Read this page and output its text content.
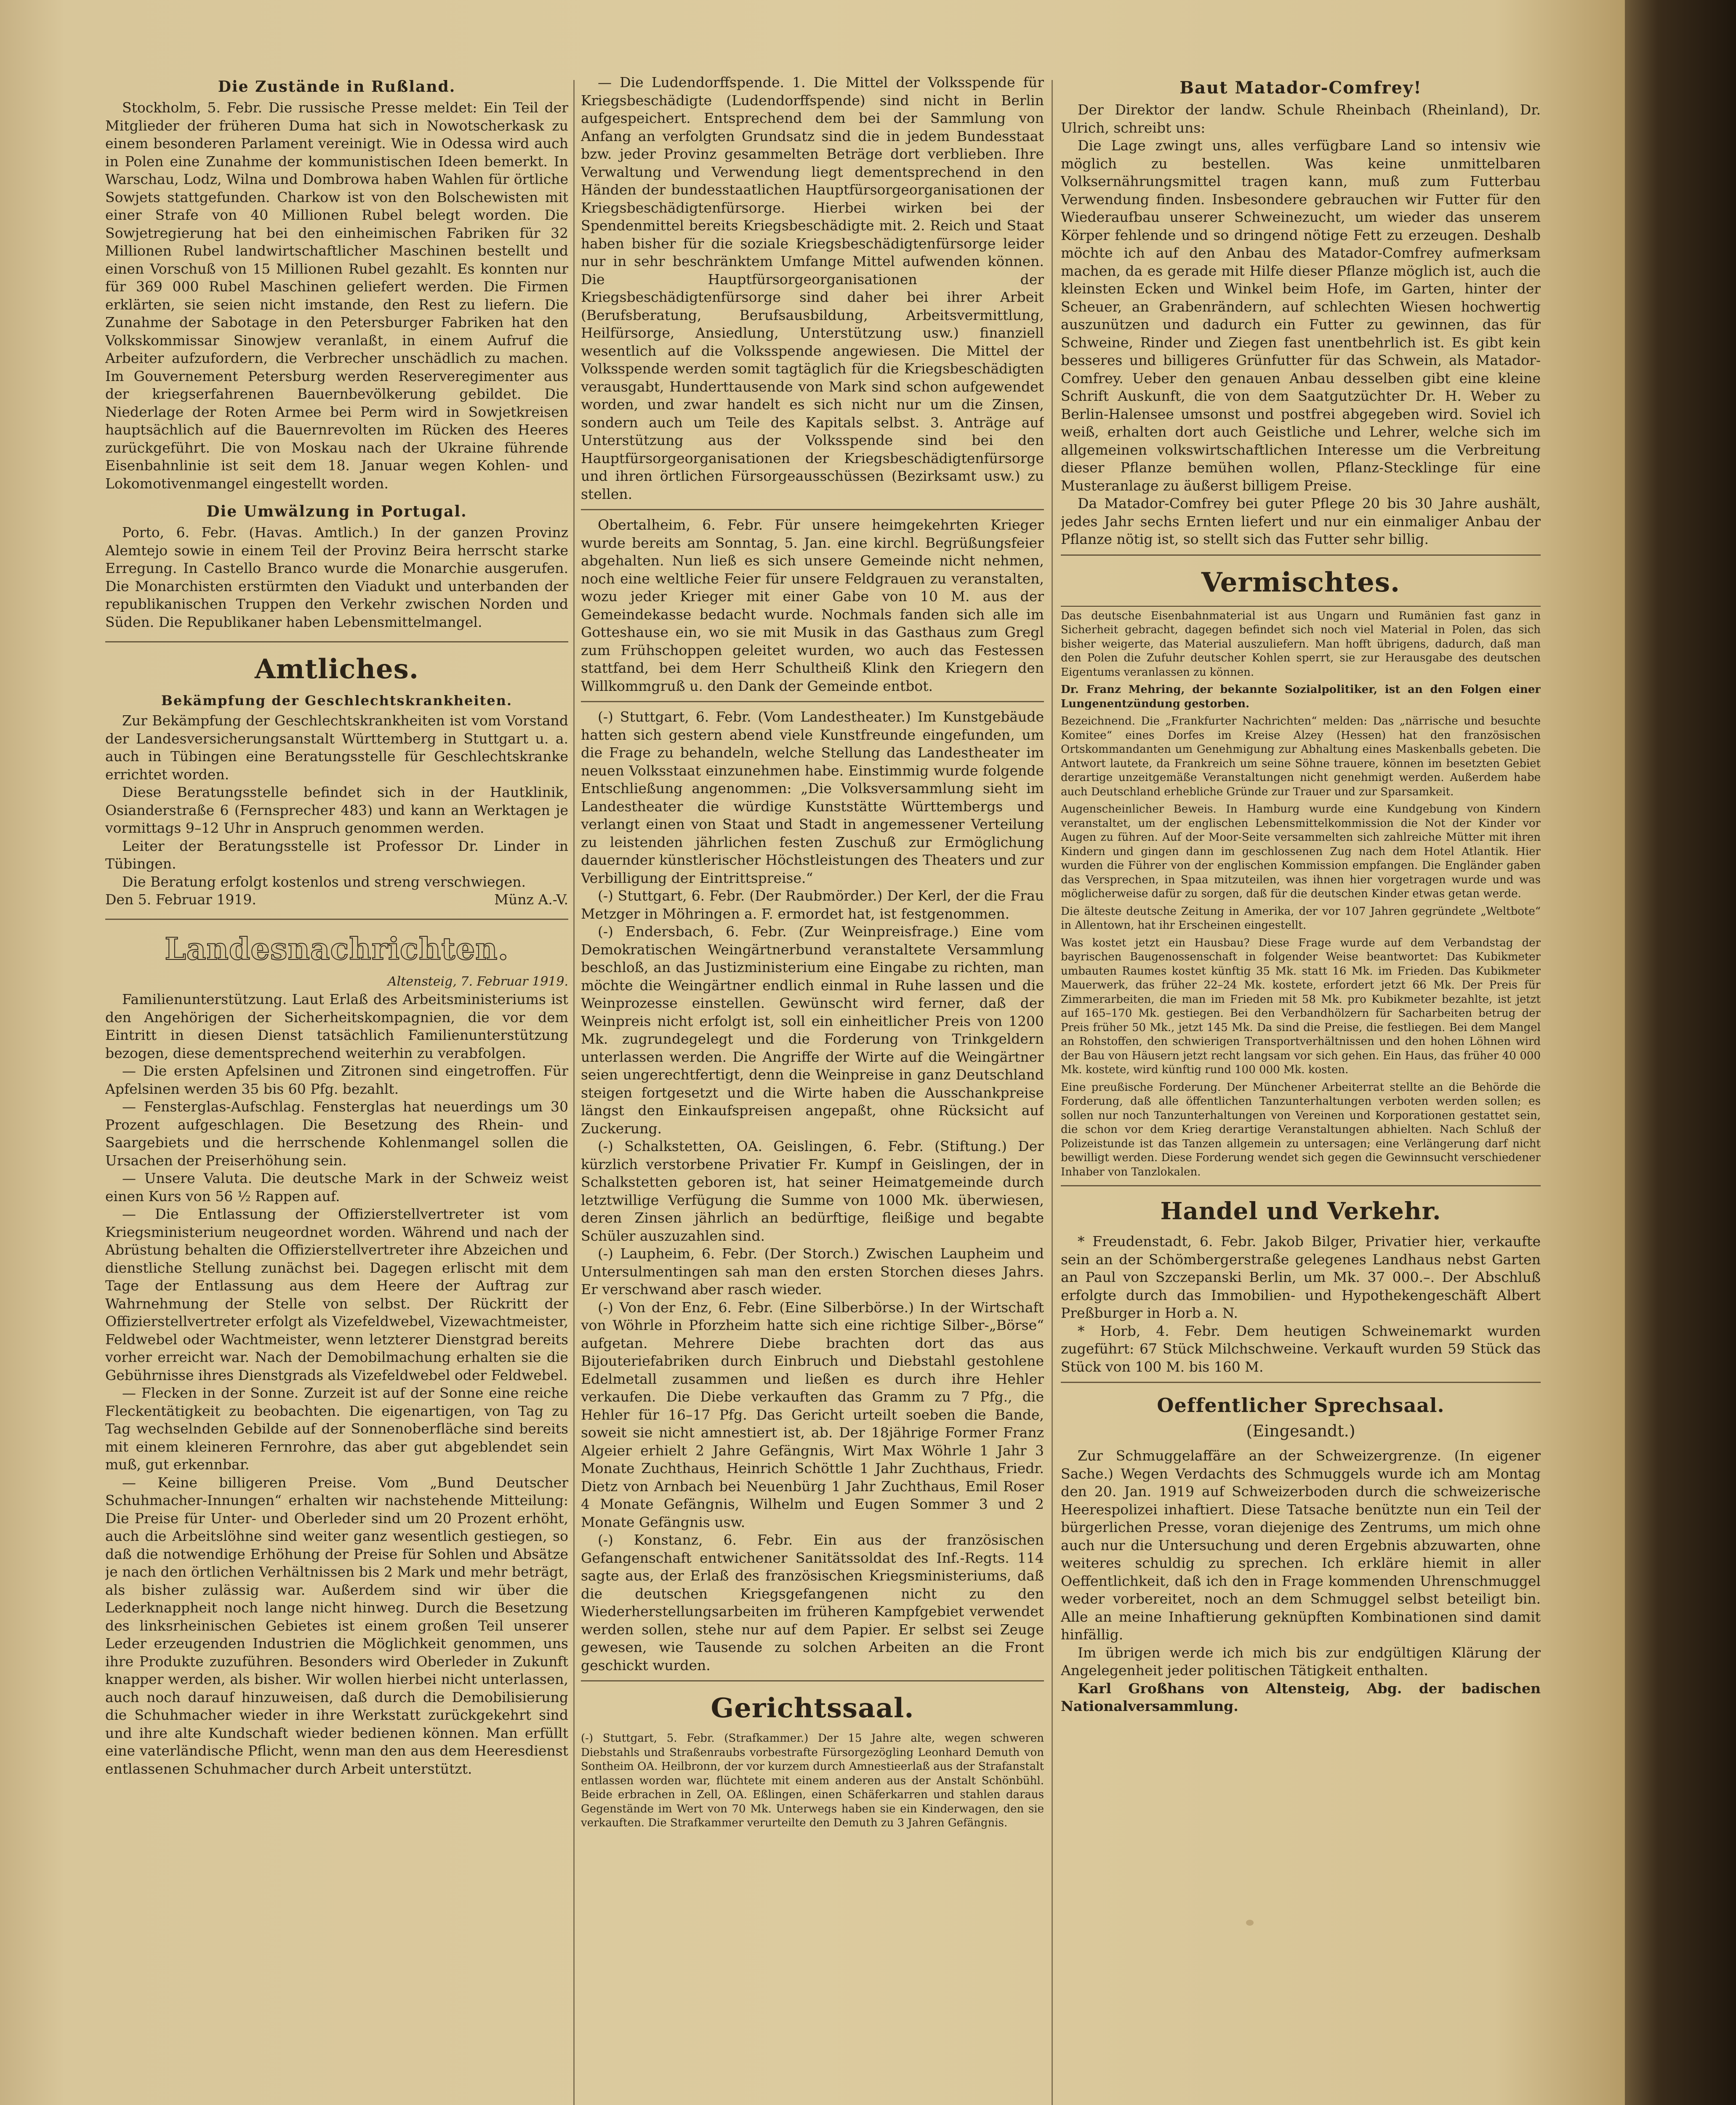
Die Zustände in Rußland.

Stockholm, 5. Febr. Die russische Presse meldet: Ein Teil der Mitglieder der früheren Duma hat sich in Nowotscherkask zu einem besonderen Parlament vereinigt. Wie in Odessa wird auch in Polen eine Zunahme der kommunistischen Ideen bemerkt. In Warschau, Lodz, Wilna und Dombrowa haben Wahlen für örtliche Sowjets stattgefunden. Charkow ist von den Bolschewisten mit einer Strafe von 40 Millionen Rubel belegt worden. Die Sowjetregierung hat bei den einheimischen Fabriken für 32 Millionen Rubel landwirtschaftlicher Maschinen bestellt und einen Vorschuß von 15 Millionen Rubel gezahlt. Es konnten nur für 369 000 Rubel Maschinen geliefert werden. Die Firmen erklärten, sie seien nicht imstande, den Rest zu liefern. Die Zunahme der Sabotage in den Petersburger Fabriken hat den Volkskommissar Sinowjew veranlaßt, in einem Aufruf die Arbeiter aufzufordern, die Verbrecher unschädlich zu machen. Im Gouvernement Petersburg werden Reserveregimenter aus der kriegserfahrenen Bauernbevölkerung gebildet. Die Niederlage der Roten Armee bei Perm wird in Sowjetkreisen hauptsächlich auf die Bauernrevolten im Rücken des Heeres zurückgeführt. Die von Moskau nach der Ukraine führende Eisenbahnlinie ist seit dem 18. Januar wegen Kohlen- und Lokomotivenmangel eingestellt worden.

Die Umwälzung in Portugal.

Porto, 6. Febr. (Havas. Amtlich.) In der ganzen Provinz Alemtejo sowie in einem Teil der Provinz Beira herrscht starke Erregung. In Castello Branco wurde die Monarchie ausgerufen. Die Monarchisten erstürmten den Viadukt und unterbanden der republikanischen Truppen den Verkehr zwischen Norden und Süden. Die Republikaner haben Lebensmittelmangel.

Amtliches.
Bekämpfung der Geschlechtskrankheiten.

Zur Bekämpfung der Geschlechtskrankheiten ist vom Vorstand der Landesversicherungsanstalt Württemberg in Stuttgart u. a. auch in Tübingen eine Beratungsstelle für Geschlechtskranke errichtet worden.

Diese Beratungsstelle befindet sich in der Hautklinik, Osianderstraße 6 (Fernsprecher 483) und kann an Werktagen je vormittags 9–12 Uhr in Anspruch genommen werden.

Leiter der Beratungsstelle ist Professor Dr. Linder in Tübingen.

Die Beratung erfolgt kostenlos und streng verschwiegen.

Den 5. Februar 1919.	Münz A.-V.
Landesnachrichten.
Altensteig, 7. Februar 1919.

Familienunterstützung. Laut Erlaß des Arbeitsministeriums ist den Angehörigen der Sicherheitskompagnien, die vor dem Eintritt in diesen Dienst tatsächlich Familienunterstützung bezogen, diese dementsprechend weiterhin zu verabfolgen.

— Die ersten Apfelsinen und Zitronen sind eingetroffen. Für Apfelsinen werden 35 bis 60 Pfg. bezahlt.

— Fensterglas-Aufschlag. Fensterglas hat neuerdings um 30 Prozent aufgeschlagen. Die Besetzung des Rhein- und Saargebiets und die herrschende Kohlenmangel sollen die Ursachen der Preiserhöhung sein.

— Unsere Valuta. Die deutsche Mark in der Schweiz weist einen Kurs von 56 ½ Rappen auf.

— Die Entlassung der Offizierstellvertreter ist vom Kriegsministerium neugeordnet worden. Während und nach der Abrüstung behalten die Offizierstellvertreter ihre Abzeichen und dienstliche Stellung zunächst bei. Dagegen erlischt mit dem Tage der Entlassung aus dem Heere der Auftrag zur Wahrnehmung der Stelle von selbst. Der Rückritt der Offizierstellvertreter erfolgt als Vizefeldwebel, Vizewachtmeister, Feldwebel oder Wachtmeister, wenn letzterer Dienstgrad bereits vorher erreicht war. Nach der Demobilmachung erhalten sie die Gebührnisse ihres Dienstgrads als Vizefeldwebel oder Feldwebel.

— Flecken in der Sonne. Zurzeit ist auf der Sonne eine reiche Fleckentätigkeit zu beobachten. Die eigenartigen, von Tag zu Tag wechselnden Gebilde auf der Sonnenoberfläche sind bereits mit einem kleineren Fernrohre, das aber gut abgeblendet sein muß, gut erkennbar.

— Keine billigeren Preise. Vom „Bund Deutscher Schuhmacher-Innungen“ erhalten wir nachstehende Mitteilung: Die Preise für Unter- und Oberleder sind um 20 Prozent erhöht, auch die Arbeitslöhne sind weiter ganz wesentlich gestiegen, so daß die notwendige Erhöhung der Preise für Sohlen und Absätze je nach den örtlichen Verhältnissen bis 2 Mark und mehr beträgt, als bisher zulässig war. Außerdem sind wir über die Lederknappheit noch lange nicht hinweg. Durch die Besetzung des linksrheinischen Gebietes ist einem großen Teil unserer Leder erzeugenden Industrien die Möglichkeit genommen, uns ihre Produkte zuzuführen. Besonders wird Oberleder in Zukunft knapper werden, als bisher. Wir wollen hierbei nicht unterlassen, auch noch darauf hinzuweisen, daß durch die Demobilisierung die Schuhmacher wieder in ihre Werkstatt zurückgekehrt sind und ihre alte Kundschaft wieder bedienen können. Man erfüllt eine vaterländische Pflicht, wenn man den aus dem Heeresdienst entlassenen Schuhmacher durch Arbeit unterstützt.

— Die Ludendorffspende. 1. Die Mittel der Volksspende für Kriegsbeschädigte (Ludendorffspende) sind nicht in Berlin aufgespeichert. Entsprechend dem bei der Sammlung von Anfang an verfolgten Grundsatz sind die in jedem Bundesstaat bzw. jeder Provinz gesammelten Beträge dort verblieben. Ihre Verwaltung und Verwendung liegt dementsprechend in den Händen der bundesstaatlichen Hauptfürsorgeorganisationen der Kriegsbeschädigtenfürsorge. Hierbei wirken bei der Spendenmittel bereits Kriegsbeschädigte mit. 2. Reich und Staat haben bisher für die soziale Kriegsbeschädigtenfürsorge leider nur in sehr beschränktem Umfange Mittel aufwenden können. Die Hauptfürsorgeorganisationen der Kriegsbeschädigtenfürsorge sind daher bei ihrer Arbeit (Berufsberatung, Berufsausbildung, Arbeitsvermittlung, Heilfürsorge, Ansiedlung, Unterstützung usw.) finanziell wesentlich auf die Volksspende angewiesen. Die Mittel der Volksspende werden somit tagtäglich für die Kriegsbeschädigten verausgabt, Hunderttausende von Mark sind schon aufgewendet worden, und zwar handelt es sich nicht nur um die Zinsen, sondern auch um Teile des Kapitals selbst. 3. Anträge auf Unterstützung aus der Volksspende sind bei den Hauptfürsorgeorganisationen der Kriegsbeschädigtenfürsorge und ihren örtlichen Fürsorgeausschüssen (Bezirksamt usw.) zu stellen.

Obertalheim, 6. Febr. Für unsere heimgekehrten Krieger wurde bereits am Sonntag, 5. Jan. eine kirchl. Begrüßungsfeier abgehalten. Nun ließ es sich unsere Gemeinde nicht nehmen, noch eine weltliche Feier für unsere Feldgrauen zu veranstalten, wozu jeder Krieger mit einer Gabe von 10 M. aus der Gemeindekasse bedacht wurde. Nochmals fanden sich alle im Gotteshause ein, wo sie mit Musik in das Gasthaus zum Gregl zum Frühschoppen geleitet wurden, wo auch das Festessen stattfand, bei dem Herr Schultheiß Klink den Kriegern den Willkommgruß u. den Dank der Gemeinde entbot.

(-) Stuttgart, 6. Febr. (Vom Landestheater.) Im Kunstgebäude hatten sich gestern abend viele Kunstfreunde eingefunden, um die Frage zu behandeln, welche Stellung das Landestheater im neuen Volksstaat einzunehmen habe. Einstimmig wurde folgende Entschließung angenommen: „Die Volksversammlung sieht im Landestheater die würdige Kunststätte Württembergs und verlangt einen von Staat und Stadt in angemessener Verteilung zu leistenden jährlichen festen Zuschuß zur Ermöglichung dauernder künstlerischer Höchstleistungen des Theaters und zur Verbilligung der Eintrittspreise.“

(-) Stuttgart, 6. Febr. (Der Raubmörder.) Der Kerl, der die Frau Metzger in Möhringen a. F. ermordet hat, ist festgenommen.

(-) Endersbach, 6. Febr. (Zur Weinpreisfrage.) Eine vom Demokratischen Weingärtnerbund veranstaltete Versammlung beschloß, an das Justizministerium eine Eingabe zu richten, man möchte die Weingärtner endlich einmal in Ruhe lassen und die Weinprozesse einstellen. Gewünscht wird ferner, daß der Weinpreis nicht erfolgt ist, soll ein einheitlicher Preis von 1200 Mk. zugrundegelegt und die Forderung von Trinkgeldern unterlassen werden. Die Angriffe der Wirte auf die Weingärtner seien ungerechtfertigt, denn die Weinpreise in ganz Deutschland steigen fortgesetzt und die Wirte haben die Ausschankpreise längst den Einkaufspreisen angepaßt, ohne Rücksicht auf Zuckerung.

(-) Schalkstetten, OA. Geislingen, 6. Febr. (Stiftung.) Der kürzlich verstorbene Privatier Fr. Kumpf in Geislingen, der in Schalkstetten geboren ist, hat seiner Heimatgemeinde durch letztwillige Verfügung die Summe von 1000 Mk. überwiesen, deren Zinsen jährlich an bedürftige, fleißige und begabte Schüler auszuzahlen sind.

(-) Laupheim, 6. Febr. (Der Storch.) Zwischen Laupheim und Untersulmentingen sah man den ersten Storchen dieses Jahrs. Er verschwand aber rasch wieder.

(-) Von der Enz, 6. Febr. (Eine Silberbörse.) In der Wirtschaft von Wöhrle in Pforzheim hatte sich eine richtige Silber-„Börse“ aufgetan. Mehrere Diebe brachten dort das aus Bijouteriefabriken durch Einbruch und Diebstahl gestohlene Edelmetall zusammen und ließen es durch ihre Hehler verkaufen. Die Diebe verkauften das Gramm zu 7 Pfg., die Hehler für 16–17 Pfg. Das Gericht urteilt soeben die Bande, soweit sie nicht amnestiert ist, ab. Der 18jährige Former Franz Algeier erhielt 2 Jahre Gefängnis, Wirt Max Wöhrle 1 Jahr 3 Monate Zuchthaus, Heinrich Schöttle 1 Jahr Zuchthaus, Friedr. Dietz von Arnbach bei Neuenbürg 1 Jahr Zuchthaus, Emil Roser 4 Monate Gefängnis, Wilhelm und Eugen Sommer 3 und 2 Monate Gefängnis usw.

(-) Konstanz, 6. Febr. Ein aus der französischen Gefangenschaft entwichener Sanitätssoldat des Inf.-Regts. 114 sagte aus, der Erlaß des französischen Kriegsministeriums, daß die deutschen Kriegsgefangenen nicht zu den Wiederherstellungsarbeiten im früheren Kampfgebiet verwendet werden sollen, stehe nur auf dem Papier. Er selbst sei Zeuge gewesen, wie Tausende zu solchen Arbeiten an die Front geschickt wurden.

Gerichtssaal.

(-) Stuttgart, 5. Febr. (Strafkammer.) Der 15 Jahre alte, wegen schweren Diebstahls und Straßenraubs vorbestrafte Fürsorgezögling Leonhard Demuth von Sontheim OA. Heilbronn, der vor kurzem durch Amnestieerlaß aus der Strafanstalt entlassen worden war, flüchtete mit einem anderen aus der Anstalt Schönbühl. Beide erbrachen in Zell, OA. Eßlingen, einen Schäferkarren und stahlen daraus Gegenstände im Wert von 70 Mk. Unterwegs haben sie ein Kinderwagen, den sie verkauften. Die Strafkammer verurteilte den Demuth zu 3 Jahren Gefängnis.

Baut Matador-Comfrey!

Der Direktor der landw. Schule Rheinbach (Rheinland), Dr. Ulrich, schreibt uns:

Die Lage zwingt uns, alles verfügbare Land so intensiv wie möglich zu bestellen. Was keine unmittelbaren Volksernährungsmittel tragen kann, muß zum Futterbau Verwendung finden. Insbesondere gebrauchen wir Futter für den Wiederaufbau unserer Schweinezucht, um wieder das unserem Körper fehlende und so dringend nötige Fett zu erzeugen. Deshalb möchte ich auf den Anbau des Matador-Comfrey aufmerksam machen, da es gerade mit Hilfe dieser Pflanze möglich ist, auch die kleinsten Ecken und Winkel beim Hofe, im Garten, hinter der Scheuer, an Grabenrändern, auf schlechten Wiesen hochwertig auszunützen und dadurch ein Futter zu gewinnen, das für Schweine, Rinder und Ziegen fast unentbehrlich ist. Es gibt kein besseres und billigeres Grünfutter für das Schwein, als Matador-Comfrey. Ueber den genauen Anbau desselben gibt eine kleine Schrift Auskunft, die von dem Saatgutzüchter Dr. H. Weber zu Berlin-Halensee umsonst und postfrei abgegeben wird. Soviel ich weiß, erhalten dort auch Geistliche und Lehrer, welche sich im allgemeinen volkswirtschaftlichen Interesse um die Verbreitung dieser Pflanze bemühen wollen, Pflanz-Stecklinge für eine Musteranlage zu äußerst billigem Preise.

Da Matador-Comfrey bei guter Pflege 20 bis 30 Jahre aushält, jedes Jahr sechs Ernten liefert und nur ein einmaliger Anbau der Pflanze nötig ist, so stellt sich das Futter sehr billig.

Vermischtes.

Das deutsche Eisenbahnmaterial ist aus Ungarn und Rumänien fast ganz in Sicherheit gebracht, dagegen befindet sich noch viel Material in Polen, das sich bisher weigerte, das Material auszuliefern. Man hofft übrigens, dadurch, daß man den Polen die Zufuhr deutscher Kohlen sperrt, sie zur Herausgabe des deutschen Eigentums veranlassen zu können.

Dr. Franz Mehring, der bekannte Sozialpolitiker, ist an den Folgen einer Lungenentzündung gestorben.

Bezeichnend. Die „Frankfurter Nachrichten“ melden: Das „närrische und besuchte Komitee“ eines Dorfes im Kreise Alzey (Hessen) hat den französischen Ortskommandanten um Genehmigung zur Abhaltung eines Maskenballs gebeten. Die Antwort lautete, da Frankreich um seine Söhne trauere, können im besetzten Gebiet derartige unzeitgemäße Veranstaltungen nicht genehmigt werden. Außerdem habe auch Deutschland erhebliche Gründe zur Trauer und zur Sparsamkeit.

Augenscheinlicher Beweis. In Hamburg wurde eine Kundgebung von Kindern veranstaltet, um der englischen Lebensmittelkommission die Not der Kinder vor Augen zu führen. Auf der Moor-Seite versammelten sich zahlreiche Mütter mit ihren Kindern und gingen dann im geschlossenen Zug nach dem Hotel Atlantik. Hier wurden die Führer von der englischen Kommission empfangen. Die Engländer gaben das Versprechen, in Spaa mitzuteilen, was ihnen hier vorgetragen wurde und was möglicherweise dafür zu sorgen, daß für die deutschen Kinder etwas getan werde.

Die älteste deutsche Zeitung in Amerika, der vor 107 Jahren gegründete „Weltbote“ in Allentown, hat ihr Erscheinen eingestellt.

Was kostet jetzt ein Hausbau? Diese Frage wurde auf dem Verbandstag der bayrischen Baugenossenschaft in folgender Weise beantwortet: Das Kubikmeter umbauten Raumes kostet künftig 35 Mk. statt 16 Mk. im Frieden. Das Kubikmeter Mauerwerk, das früher 22–24 Mk. kostete, erfordert jetzt 66 Mk. Der Preis für Zimmerarbeiten, die man im Frieden mit 58 Mk. pro Kubikmeter bezahlte, ist jetzt auf 165–170 Mk. gestiegen. Bei den Verbandhölzern für Sacharbeiten betrug der Preis früher 50 Mk., jetzt 145 Mk. Da sind die Preise, die festliegen. Bei dem Mangel an Rohstoffen, den schwierigen Transportverhältnissen und den hohen Löhnen wird der Bau von Häusern jetzt recht langsam vor sich gehen. Ein Haus, das früher 40 000 Mk. kostete, wird künftig rund 100 000 Mk. kosten.

Eine preußische Forderung. Der Münchener Arbeiterrat stellte an die Behörde die Forderung, daß alle öffentlichen Tanzunterhaltungen verboten werden sollen; es sollen nur noch Tanzunterhaltungen von Vereinen und Korporationen gestattet sein, die schon vor dem Krieg derartige Veranstaltungen abhielten. Nach Schluß der Polizeistunde ist das Tanzen allgemein zu untersagen; eine Verlängerung darf nicht bewilligt werden. Diese Forderung wendet sich gegen die Gewinnsucht verschiedener Inhaber von Tanzlokalen.

Handel und Verkehr.

* Freudenstadt, 6. Febr. Jakob Bilger, Privatier hier, verkaufte sein an der Schömbergerstraße gelegenes Landhaus nebst Garten an Paul von Szczepanski Berlin, um Mk. 37 000.–. Der Abschluß erfolgte durch das Immobilien- und Hypothekengeschäft Albert Preßburger in Horb a. N.

* Horb, 4. Febr. Dem heutigen Schweinemarkt wurden zugeführt: 67 Stück Milchschweine. Verkauft wurden 59 Stück das Stück von 100 M. bis 160 M.

Oeffentlicher Sprechsaal.
(Eingesandt.)

Zur Schmuggelaffäre an der Schweizergrenze. (In eigener Sache.) Wegen Verdachts des Schmuggels wurde ich am Montag den 20. Jan. 1919 auf Schweizerboden durch die schweizerische Heerespolizei inhaftiert. Diese Tatsache benützte nun ein Teil der bürgerlichen Presse, voran diejenige des Zentrums, um mich ohne auch nur die Untersuchung und deren Ergebnis abzuwarten, ohne weiteres schuldig zu sprechen. Ich erkläre hiemit in aller Oeffentlichkeit, daß ich den in Frage kommenden Uhrenschmuggel weder vorbereitet, noch an dem Schmuggel selbst beteiligt bin. Alle an meine Inhaftierung geknüpften Kombinationen sind damit hinfällig.

Im übrigen werde ich mich bis zur endgültigen Klärung der Angelegenheit jeder politischen Tätigkeit enthalten.

Karl Großhans von Altensteig, Abg. der badischen Nationalversammlung.
